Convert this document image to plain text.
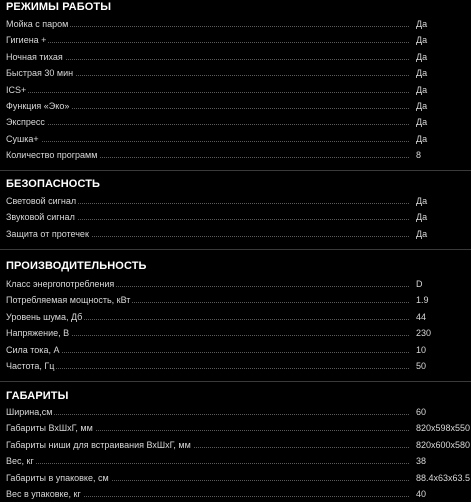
РЕЖИМЫ РАБОТЫ
Мойка с паром	Да
Гигиена +	Да
Ночная тихая	Да
Быстрая 30 мин	Да
ICS+	Да
Функция «Эко»	Да
Экспресс	Да
Сушка+	Да
Количество программ	8
БЕЗОПАСНОСТЬ
Световой сигнал	Да
Звуковой сигнал	Да
Защита от протечек	Да
ПРОИЗВОДИТЕЛЬНОСТЬ
Класс энергопотребления	D
Потребляемая мощность, кВт	1.9
Уровень шума, Дб	44
Напряжение, В	230
Сила тока, А	10
Частота, Гц	50
ГАБАРИТЫ
Ширина,см	60
Габариты ВхШхГ, мм	820x598x550
Габариты ниши для встраивания ВхШхГ, мм	820x600x580
Вес, кг	38
Габариты в упаковке, см	88.4x63x63.5
Вес в упаковке, кг	40
